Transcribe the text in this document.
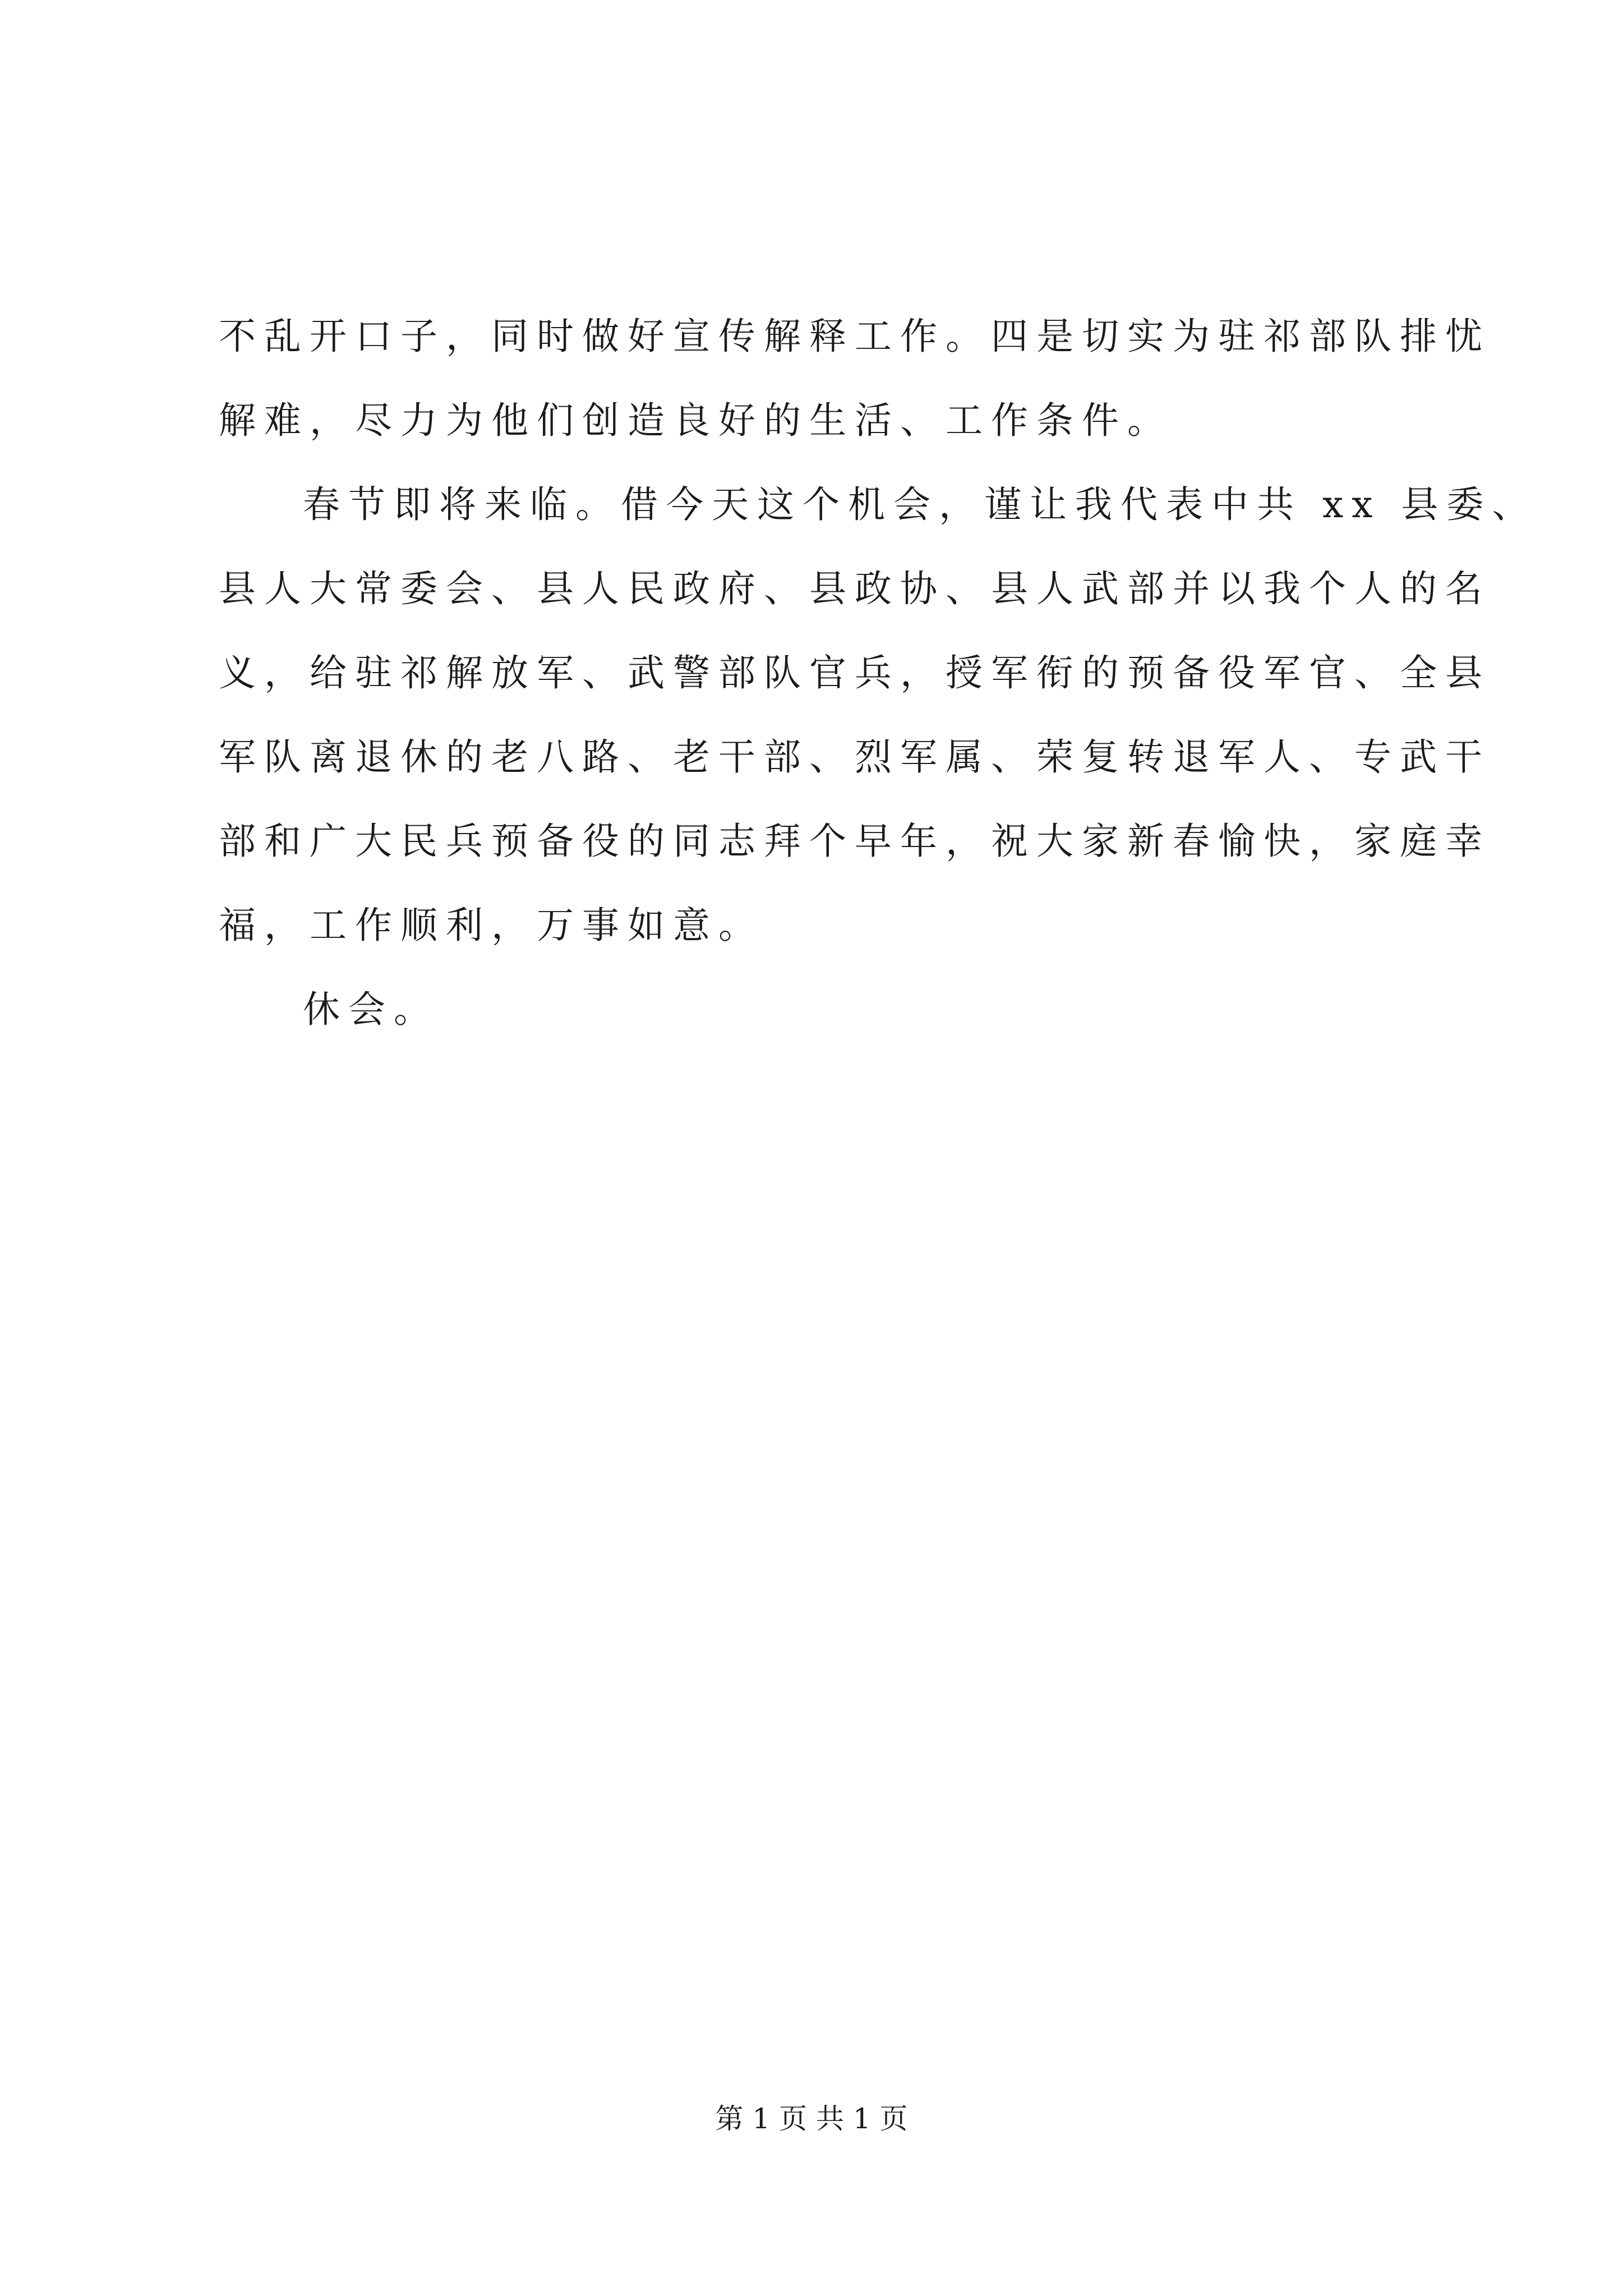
不乱开口子，同时做好宣传解释工作。四是切实为驻祁部队排忧
解难，尽力为他们创造良好的生活、工作条件。
春节即将来临。借今天这个机会，谨让我代表中共 xx 县委、
县人大常委会、县人民政府、县政协、县人武部并以我个人的名
义，给驻祁解放军、武警部队官兵，授军衔的预备役军官、全县
军队离退休的老八路、老干部、烈军属、荣复转退军人、专武干
部和广大民兵预备役的同志拜个早年，祝大家新春愉快，家庭幸
福，工作顺利，万事如意。
休会。
第 1 页 共 1 页
